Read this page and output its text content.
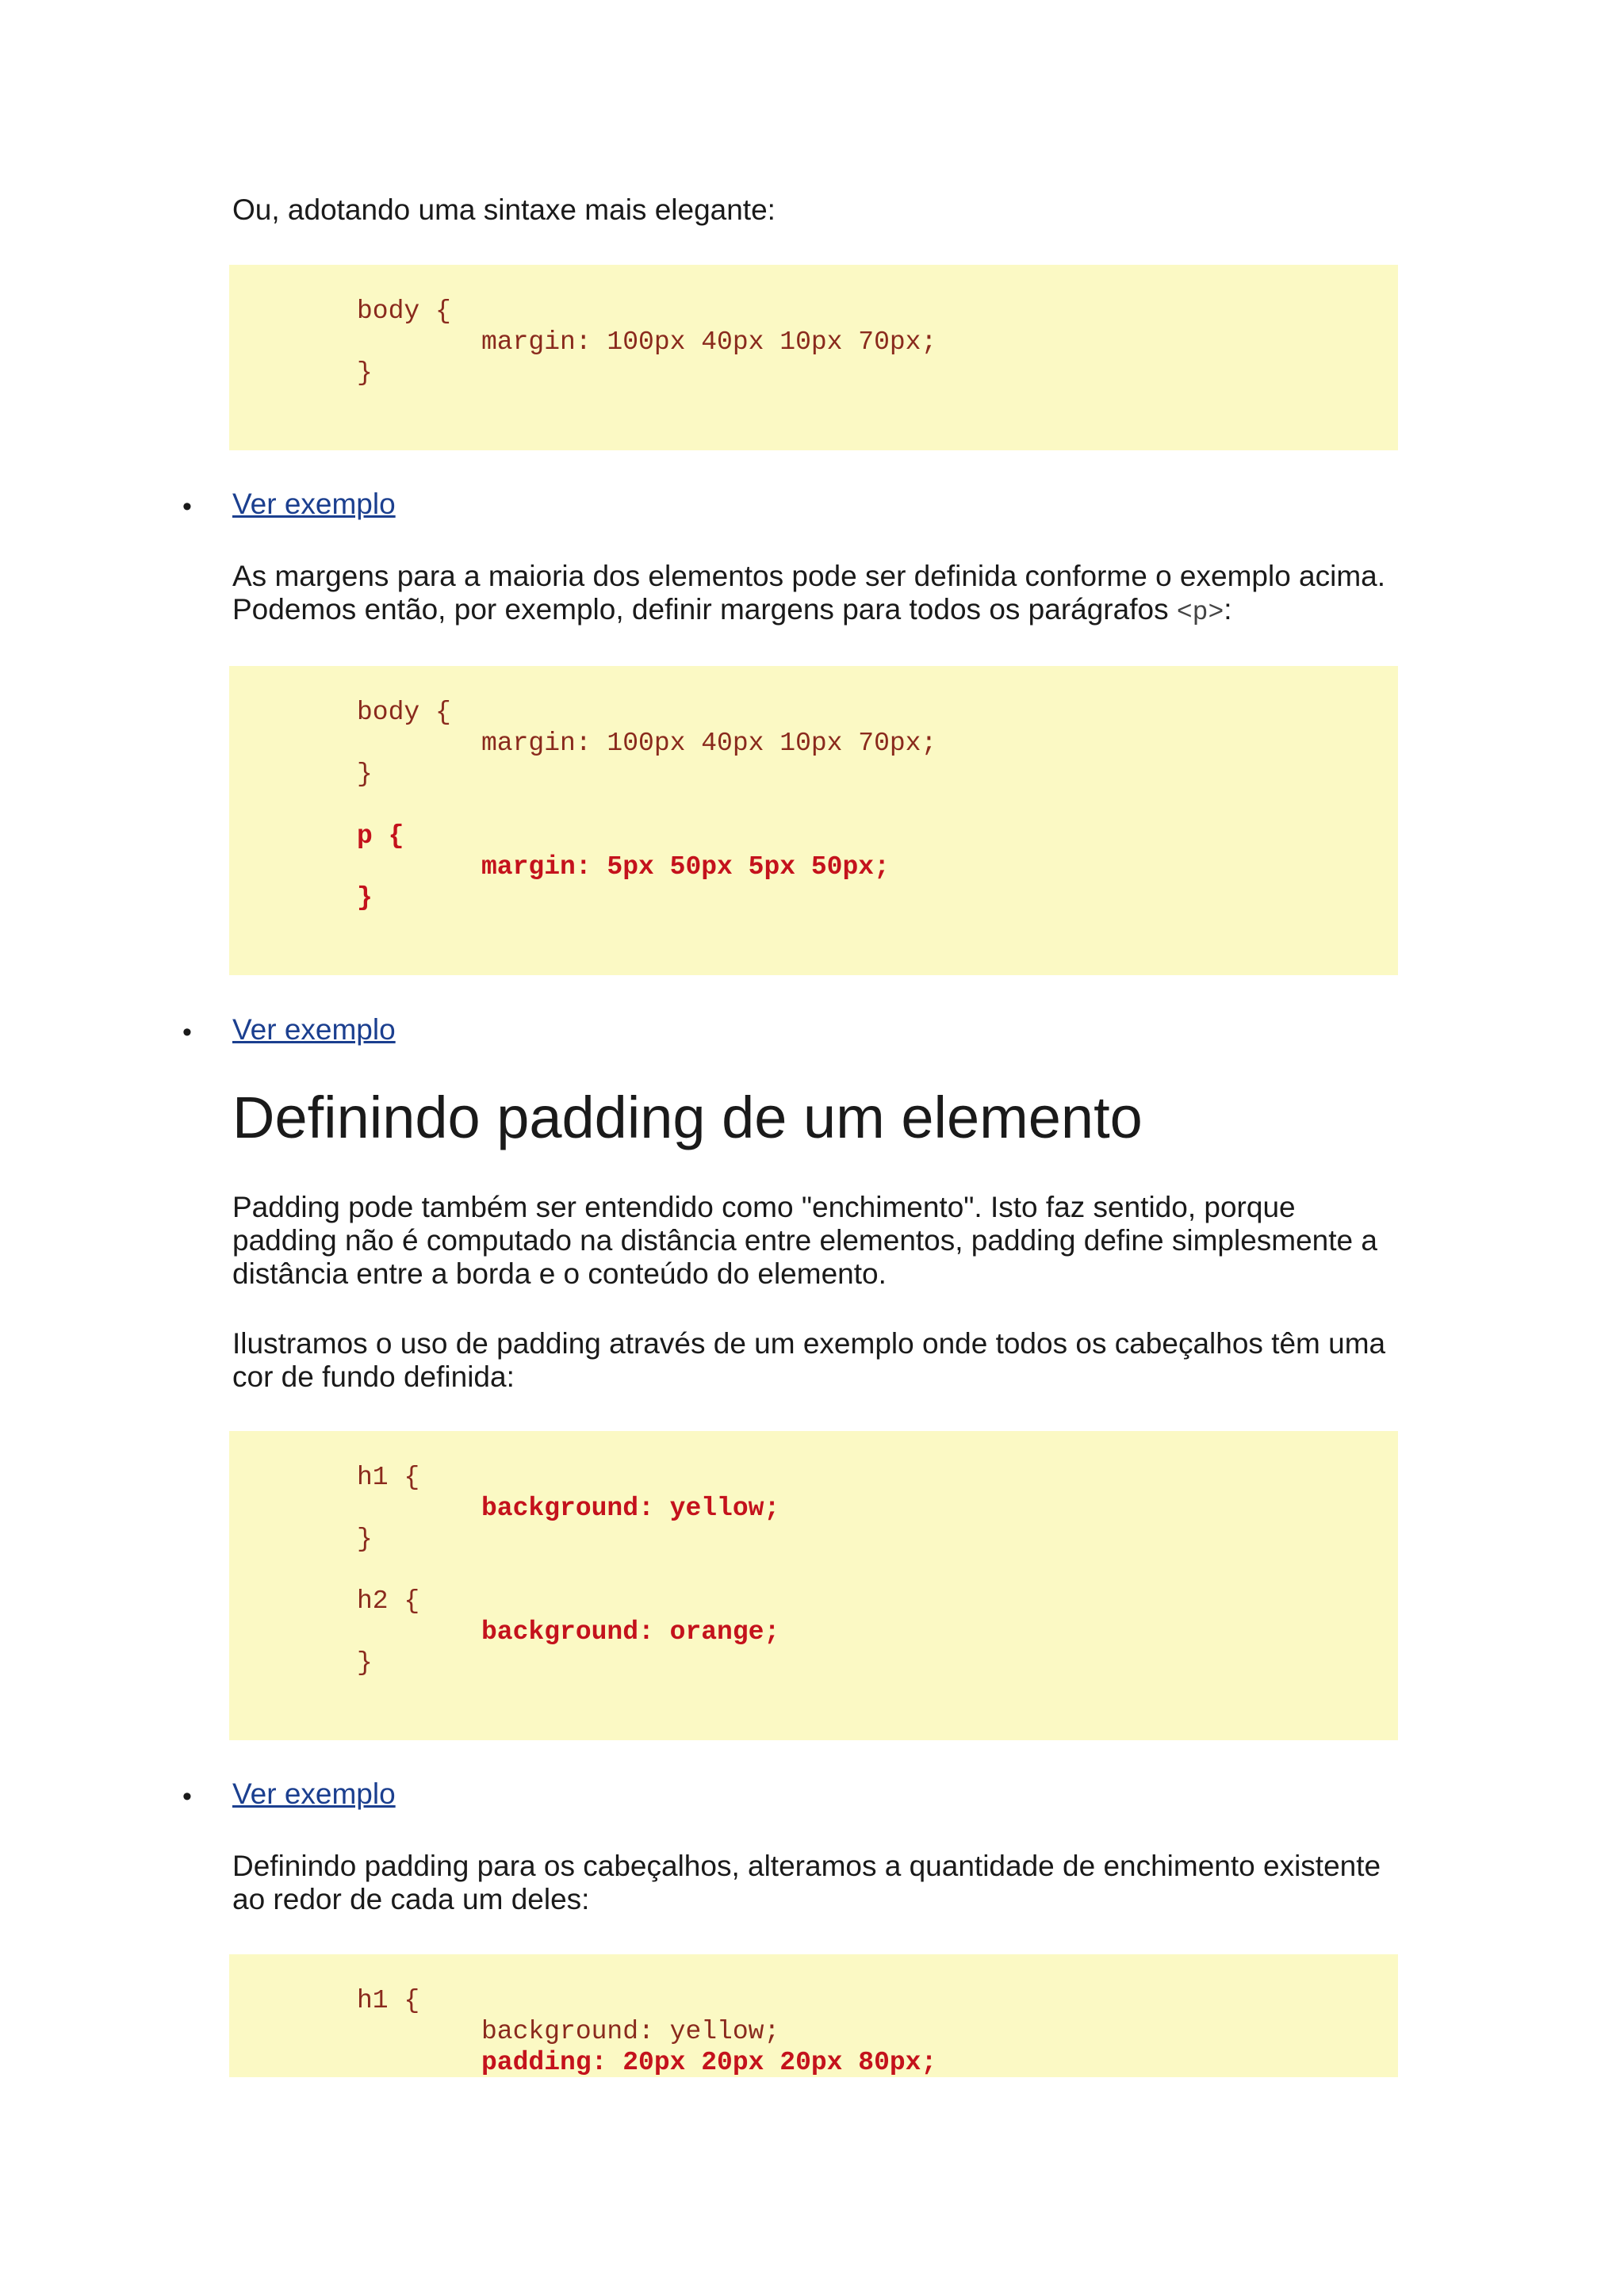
Ou, adotando uma sintaxe mais elegante:

body {
margin: 100px 40px 10px 70px;
}
• Ver exemplo

As margens para a maioria dos elementos pode ser definida conforme o exemplo acima.
Podemos então, por exemplo, definir margens para todos os parágrafos <p>:

body {
margin: 100px 40px 10px 70px;
}
p {
margin: 5px 50px 5px 50px;
}
• Ver exemplo
Definindo padding de um elemento

Padding pode também ser entendido como "enchimento". Isto faz sentido, porque padding não é computado na distância entre elementos, padding define simplesmente a distância entre a borda e o conteúdo do elemento.

Ilustramos o uso de padding através de um exemplo onde todos os cabeçalhos têm uma cor de fundo definida:

h1 {
background: yellow;
}
h2 {
background: orange;
}
• Ver exemplo

Definindo padding para os cabeçalhos, alteramos a quantidade de enchimento existente ao redor de cada um deles:

h1 {
background: yellow;
padding: 20px 20px 20px 80px;
